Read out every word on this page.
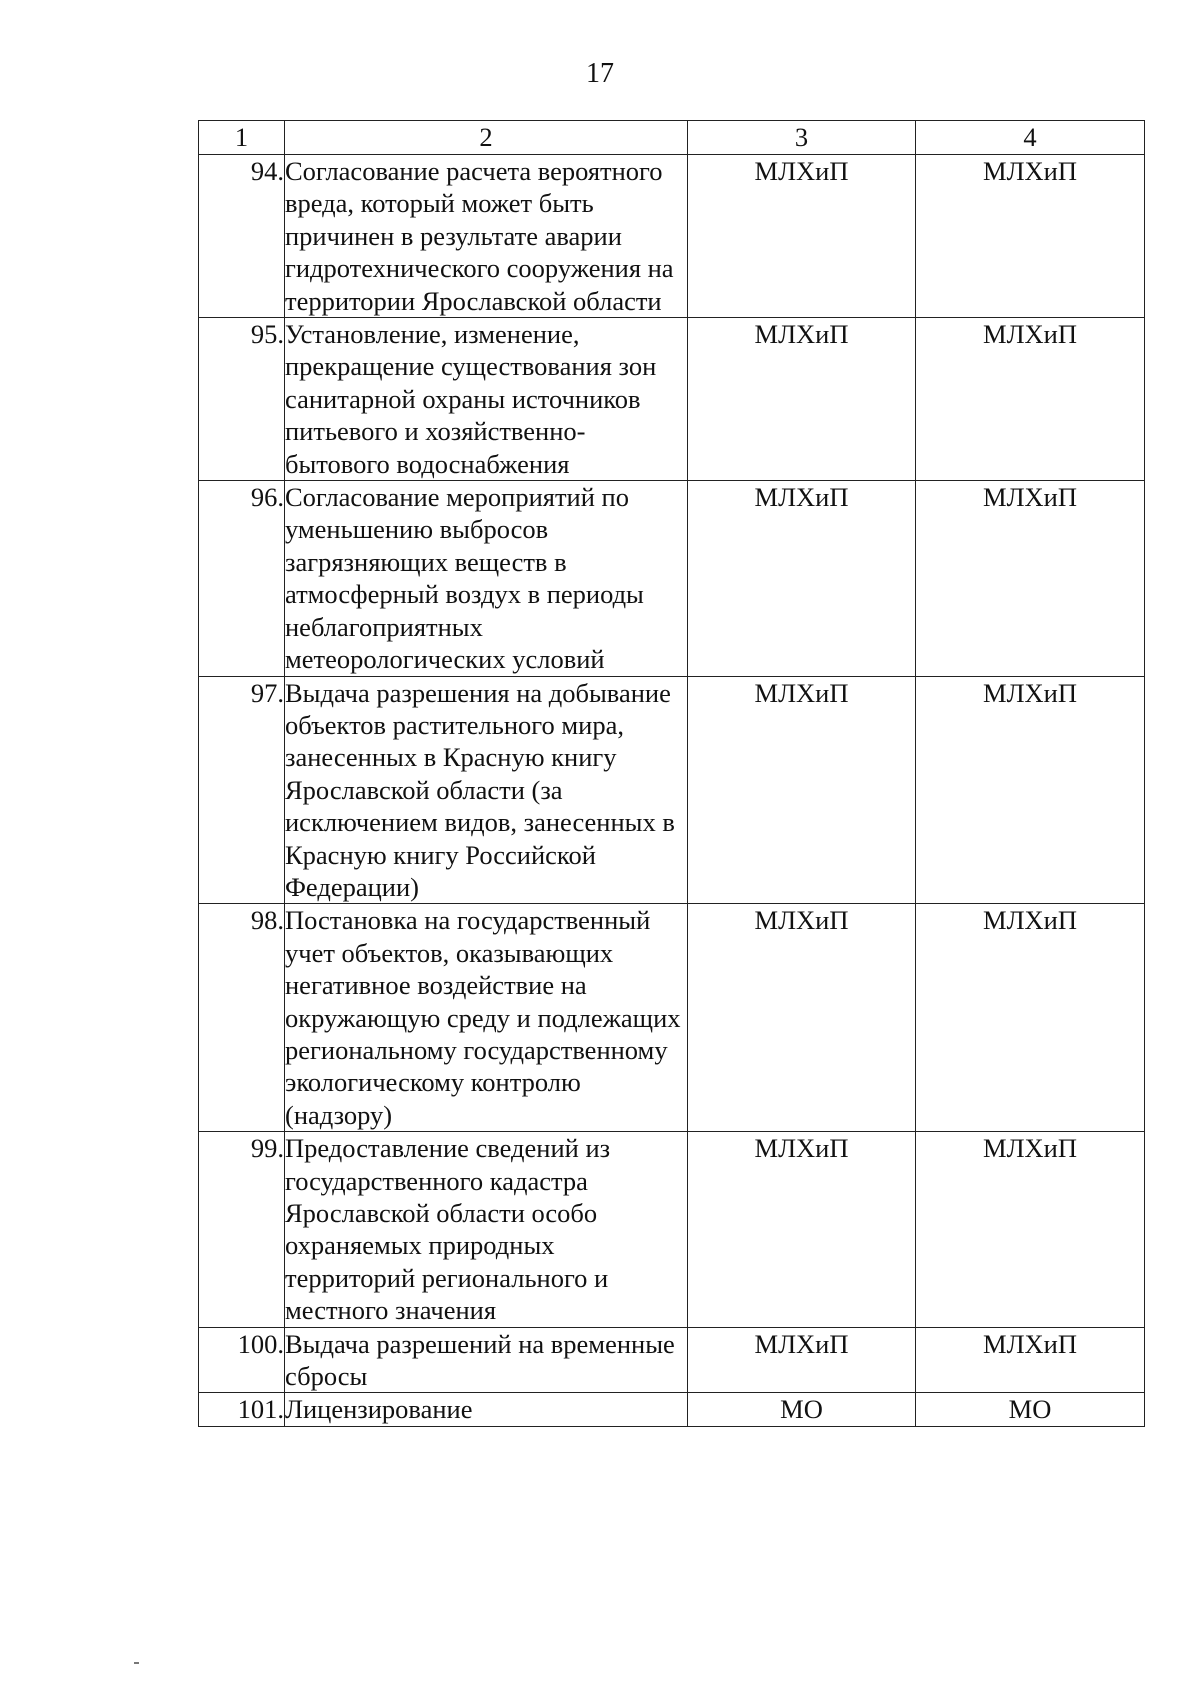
17
1	2	3	4
94.	Согласование расчета вероятного вреда, который может быть причинен в результате аварии гидротехнического сооружения на территории Ярославской области	МЛХиП	МЛХиП
95.	Установление, изменение, прекращение существования зон санитарной охраны источников питьевого и хозяйственно-бытового водоснабжения	МЛХиП	МЛХиП
96.	Согласование мероприятий по уменьшению выбросов загрязняющих веществ в атмосферный воздух в периоды неблагоприятных метеорологических условий	МЛХиП	МЛХиП
97.	Выдача разрешения на добывание объектов растительного мира, занесенных в Красную книгу Ярославской области (за исключением видов, занесенных в Красную книгу Российской Федерации)	МЛХиП	МЛХиП
98.	Постановка на государственный учет объектов, оказывающих негативное воздействие на окружающую среду и подлежащих региональному государственному экологическому контролю (надзору)	МЛХиП	МЛХиП
99.	Предоставление сведений из государственного кадастра Ярославской области особо охраняемых природных территорий регионального и местного значения	МЛХиП	МЛХиП
100.	Выдача разрешений на временные сбросы	МЛХиП	МЛХиП
101.	Лицензирование	МО	МО
